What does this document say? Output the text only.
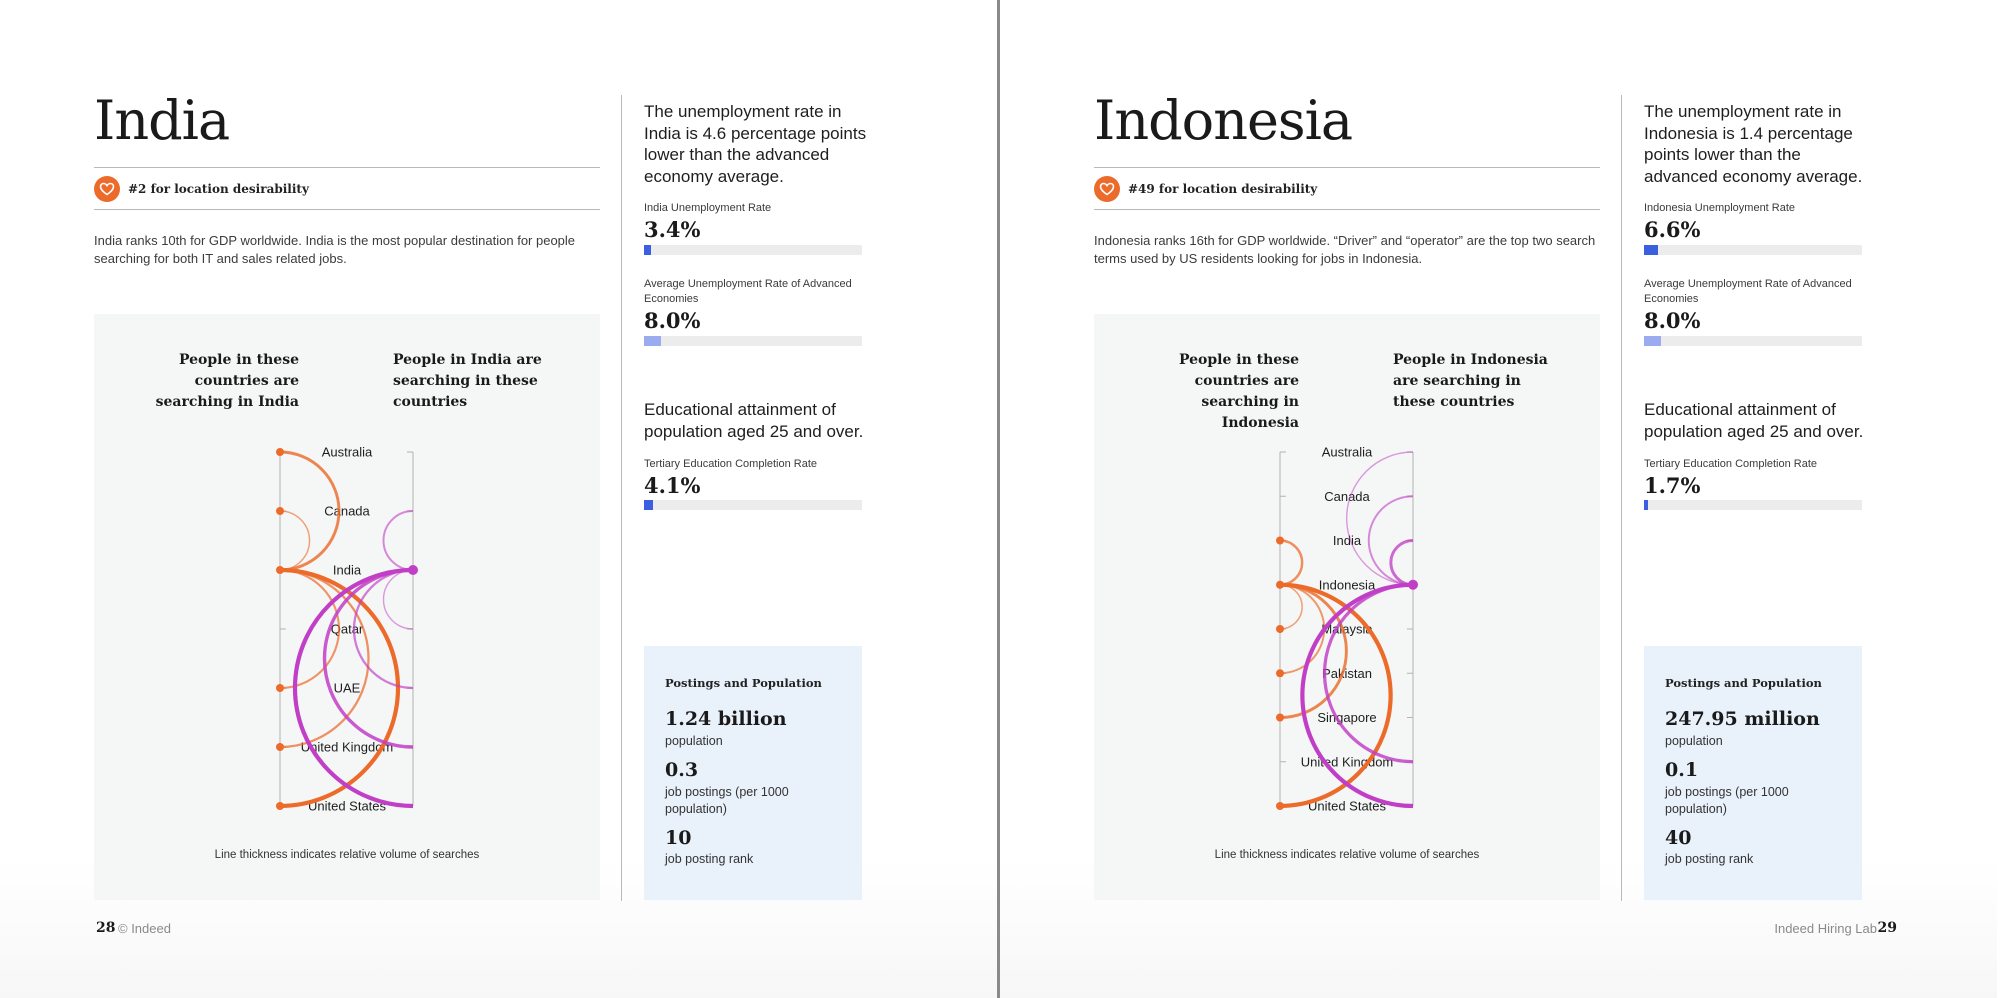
India
#2 for location desirability

India ranks 10th for GDP worldwide. India is the most popular destination for people searching for both IT and sales related jobs.

People in these countries are searching in India
People in India are searching in these countries
Australia
Canada
India
Qatar
UAE
United Kingdom
United States
Line thickness indicates relative volume of searches

The unemployment rate in India is 4.6 percentage points lower than the advanced economy average.

India Unemployment Rate
3.4%
Average Unemployment Rate of Advanced Economies
8.0%

Educational attainment of population aged 25 and over.

Tertiary Education Completion Rate
4.1%
Postings and Population
1.24 billion
population
0.3
job postings (per 1000 population)
10
job posting rank
28 © Indeed
Indonesia
#49 for location desirability

Indonesia ranks 16th for GDP worldwide. “Driver” and “operator” are the top two search terms used by US residents looking for jobs in Indonesia.

People in these countries are searching in Indonesia
People in Indonesia are searching in these countries
Australia
Canada
India
Indonesia
Malaysia
Pakistan
Singapore
United Kingdom
United States
Line thickness indicates relative volume of searches

The unemployment rate in Indonesia is 1.4 percentage points lower than the advanced economy average.

Indonesia Unemployment Rate
6.6%
Average Unemployment Rate of Advanced Economies
8.0%

Educational attainment of population aged 25 and over.

Tertiary Education Completion Rate
1.7%
Postings and Population
247.95 million
population
0.1
job postings (per 1000 population)
40
job posting rank
Indeed Hiring Lab 29
